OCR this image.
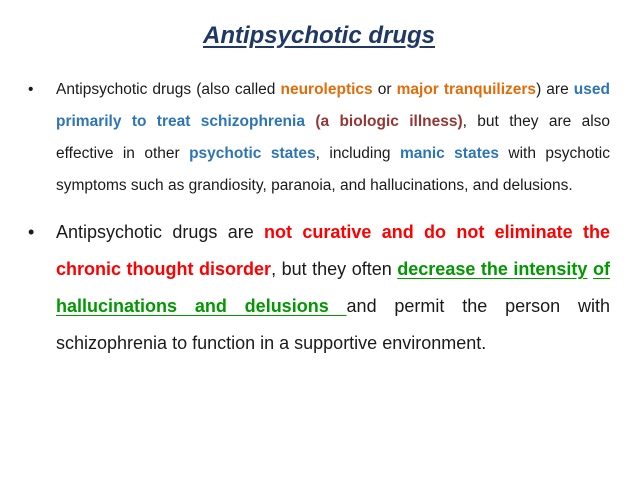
Antipsychotic drugs
• Antipsychotic drugs (also called neuroleptics or major tranquilizers) are used primarily to treat schizophrenia (a biologic illness), but they are also effective in other psychotic states, including manic states with psychotic symptoms such as grandiosity, paranoia, and hallucinations, and delusions.
• Antipsychotic drugs are not curative and do not eliminate the chronic thought disorder, but they often decrease the intensity of hallucinations and delusions and permit the person with schizophrenia to function in a supportive environment.
